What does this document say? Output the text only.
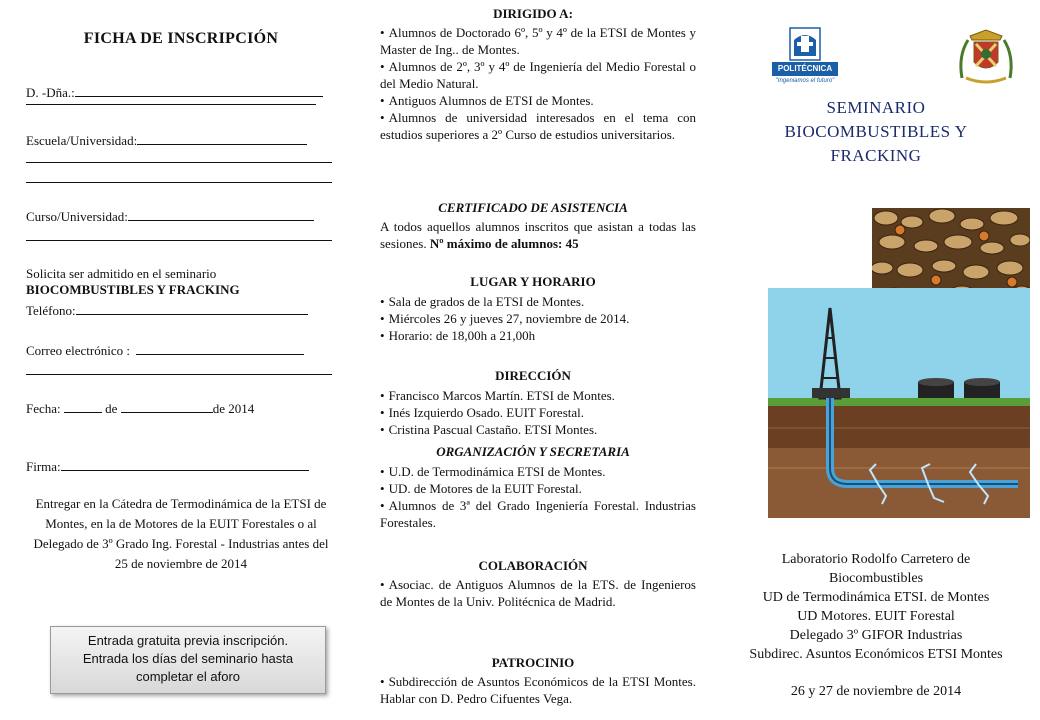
FICHA DE INSCRIPCIÓN
D. -Dña.:
Escuela/Universidad:
Curso/Universidad:
Solicita ser admitido en el seminario
BIOCOMBUSTIBLES Y FRACKING
Teléfono:
Correo electrónico :
Fecha:	de	de 2014
Firma:
Entregar en la Cátedra de Termodinámica de la ETSI de Montes, en la de Motores de la EUIT Forestales o al Delegado de 3º Grado Ing. Forestal - Industrias antes del 25 de noviembre de 2014
Entrada gratuita previa inscripción.
Entrada los días del seminario hasta
completar el aforo
DIRIGIDO A:
• Alumnos de Doctorado 6º, 5º y 4º de la ETSI de Montes y Master de Ing.. de Montes.
• Alumnos de 2º, 3º y 4º de Ingeniería del Medio Forestal o del Medio Natural.
• Antiguos Alumnos de ETSI de Montes.
• Alumnos de universidad interesados en el tema con estudios superiores a 2º Curso de estudios universitarios.
CERTIFICADO DE ASISTENCIA
A todos aquellos alumnos inscritos que asistan a todas las sesiones. Nº máximo de alumnos: 45
LUGAR Y HORARIO
• Sala de grados de la ETSI de Montes.
• Miércoles 26 y jueves 27, noviembre de 2014.
• Horario: de 18,00h a 21,00h
DIRECCIÓN
• Francisco Marcos Martín. ETSI de Montes.
• Inés Izquierdo Osado. EUIT Forestal.
• Cristina Pascual Castaño. ETSI Montes.
ORGANIZACIÓN Y SECRETARIA
• U.D. de Termodinámica ETSI de Montes.
• UD. de Motores de la EUIT Forestal.
• Alumnos de 3ª del Grado Ingeniería Forestal. Industrias Forestales.
COLABORACIÓN
• Asociac. de Antiguos Alumnos de la ETS. de Ingenieros de Montes de la Univ. Politécnica de Madrid.
PATROCINIO
• Subdirección de Asuntos Económicos de la ETSI Montes. Hablar con D. Pedro Cifuentes Vega.
POLITÉCNICA
"Ingeniamos el futuro"
SEMINARIO
BIOCOMBUSTIBLES Y
FRACKING
Laboratorio Rodolfo Carretero de
Biocombustibles
UD de Termodinámica ETSI. de Montes
UD Motores. EUIT Forestal
Delegado 3º GIFOR Industrias
Subdirec. Asuntos Económicos ETSI Montes
26 y 27 de noviembre de 2014
